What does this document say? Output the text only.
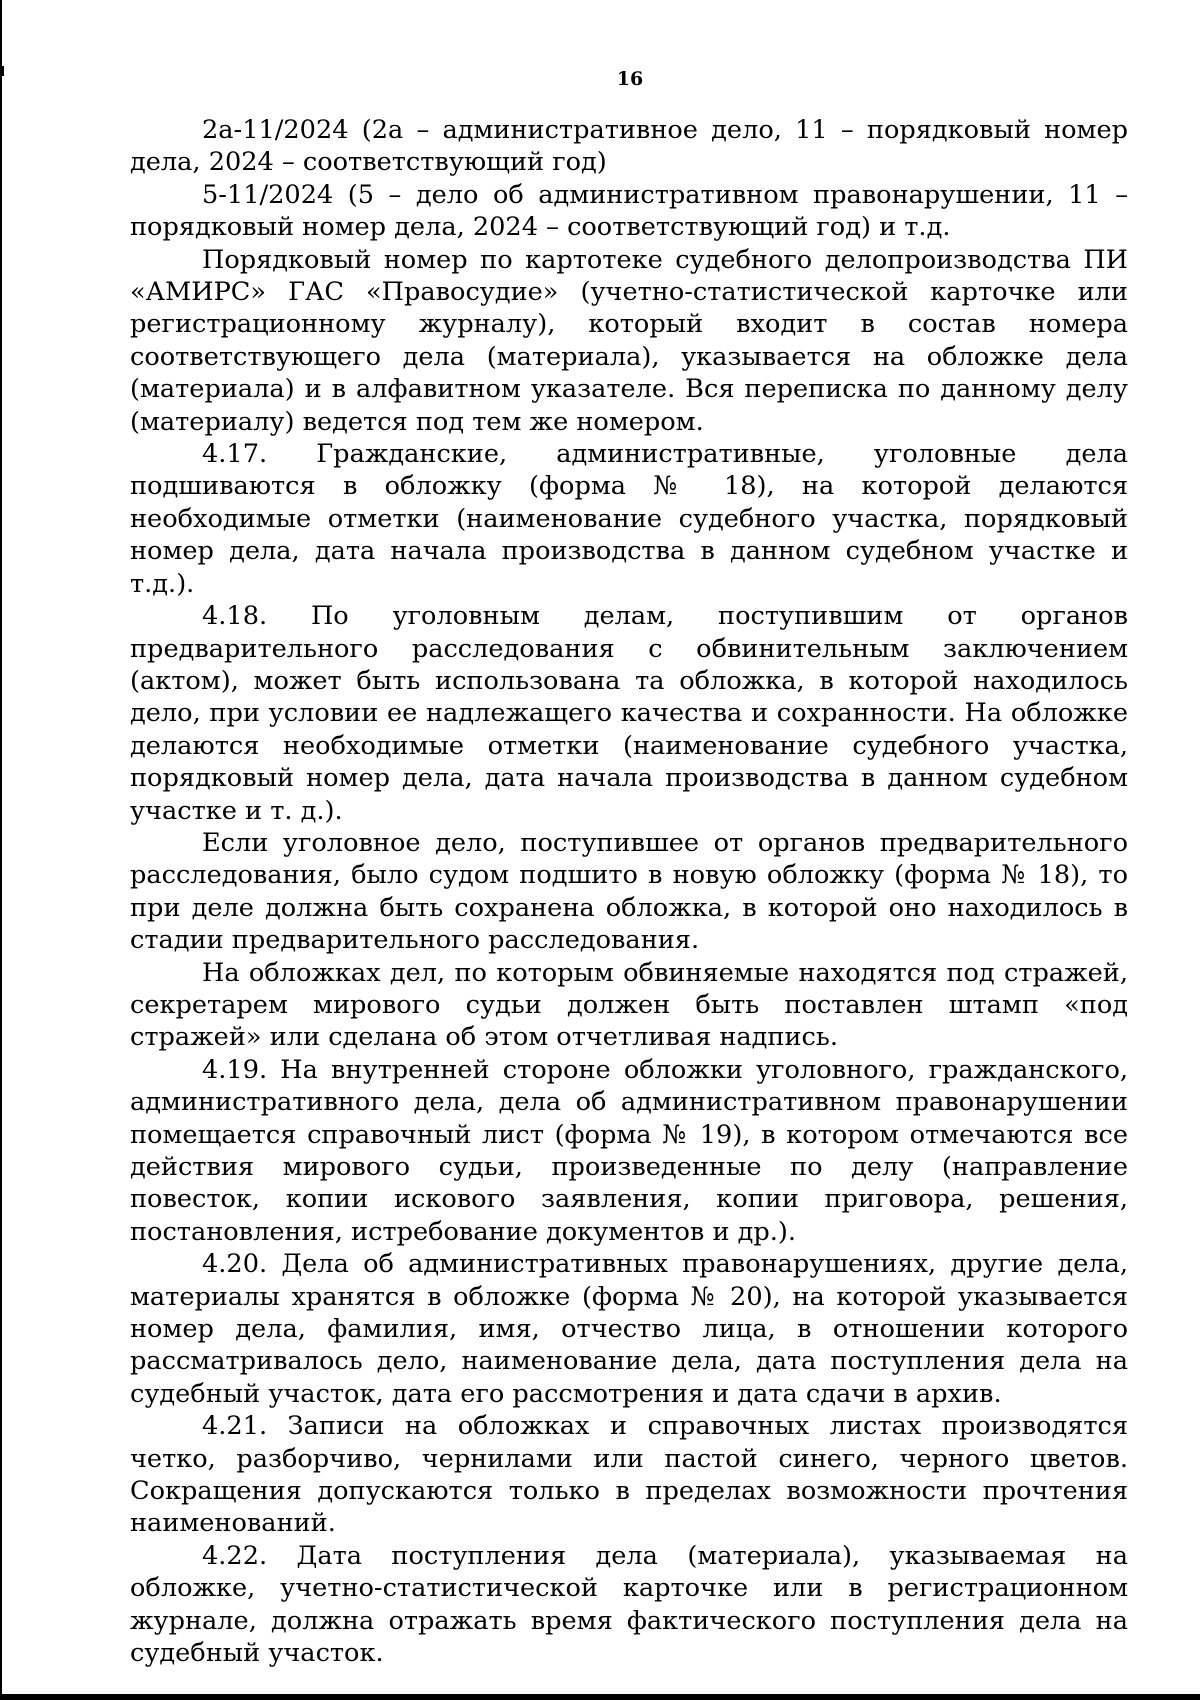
16

2а-11/2024 (2а – административное дело, 11 – порядковый номер дела, 2024 – соответствующий год)

5-11/2024 (5 – дело об административном правонарушении, 11 – порядковый номер дела, 2024 – соответствующий год) и т.д.

Порядковый номер по картотеке судебного делопроизводства ПИ «АМИРС» ГАС «Правосудие» (учетно-статистической карточке или регистрационному журналу), который входит в состав номера соответствующего дела (материала), указывается на обложке дела (материала) и в алфавитном указателе. Вся переписка по данному делу (материалу) ведется под тем же номером.

4.17. Гражданские, административные, уголовные дела подшиваются в обложку (форма № 18), на которой делаются необходимые отметки (наименование судебного участка, порядковый номер дела, дата начала производства в данном судебном участке и т.д.).

4.18. По уголовным делам, поступившим от органов предварительного расследования с обвинительным заключением (актом), может быть использована та обложка, в которой находилось дело, при условии ее надлежащего качества и сохранности. На обложке делаются необходимые отметки (наименование судебного участка, порядковый номер дела, дата начала производства в данном судебном участке и т. д.).

Если уголовное дело, поступившее от органов предварительного расследования, было судом подшито в новую обложку (форма № 18), то при деле должна быть сохранена обложка, в которой оно находилось в стадии предварительного расследования.

На обложках дел, по которым обвиняемые находятся под стражей, секретарем мирового судьи должен быть поставлен штамп «под стражей» или сделана об этом отчетливая надпись.

4.19. На внутренней стороне обложки уголовного, гражданского, административного дела, дела об административном правонарушении помещается справочный лист (форма № 19), в котором отмечаются все действия мирового судьи, произведенные по делу (направление повесток, копии искового заявления, копии приговора, решения, постановления, истребование документов и др.).

4.20. Дела об административных правонарушениях, другие дела, материалы хранятся в обложке (форма № 20), на которой указывается номер дела, фамилия, имя, отчество лица, в отношении которого рассматривалось дело, наименование дела, дата поступления дела на судебный участок, дата его рассмотрения и дата сдачи в архив.

4.21. Записи на обложках и справочных листах производятся четко, разборчиво, чернилами или пастой синего, черного цветов. Сокращения допускаются только в пределах возможности прочтения наименований.

4.22. Дата поступления дела (материала), указываемая на обложке, учетно-статистической карточке или в регистрационном журнале, должна отражать время фактического поступления дела на судебный участок.
